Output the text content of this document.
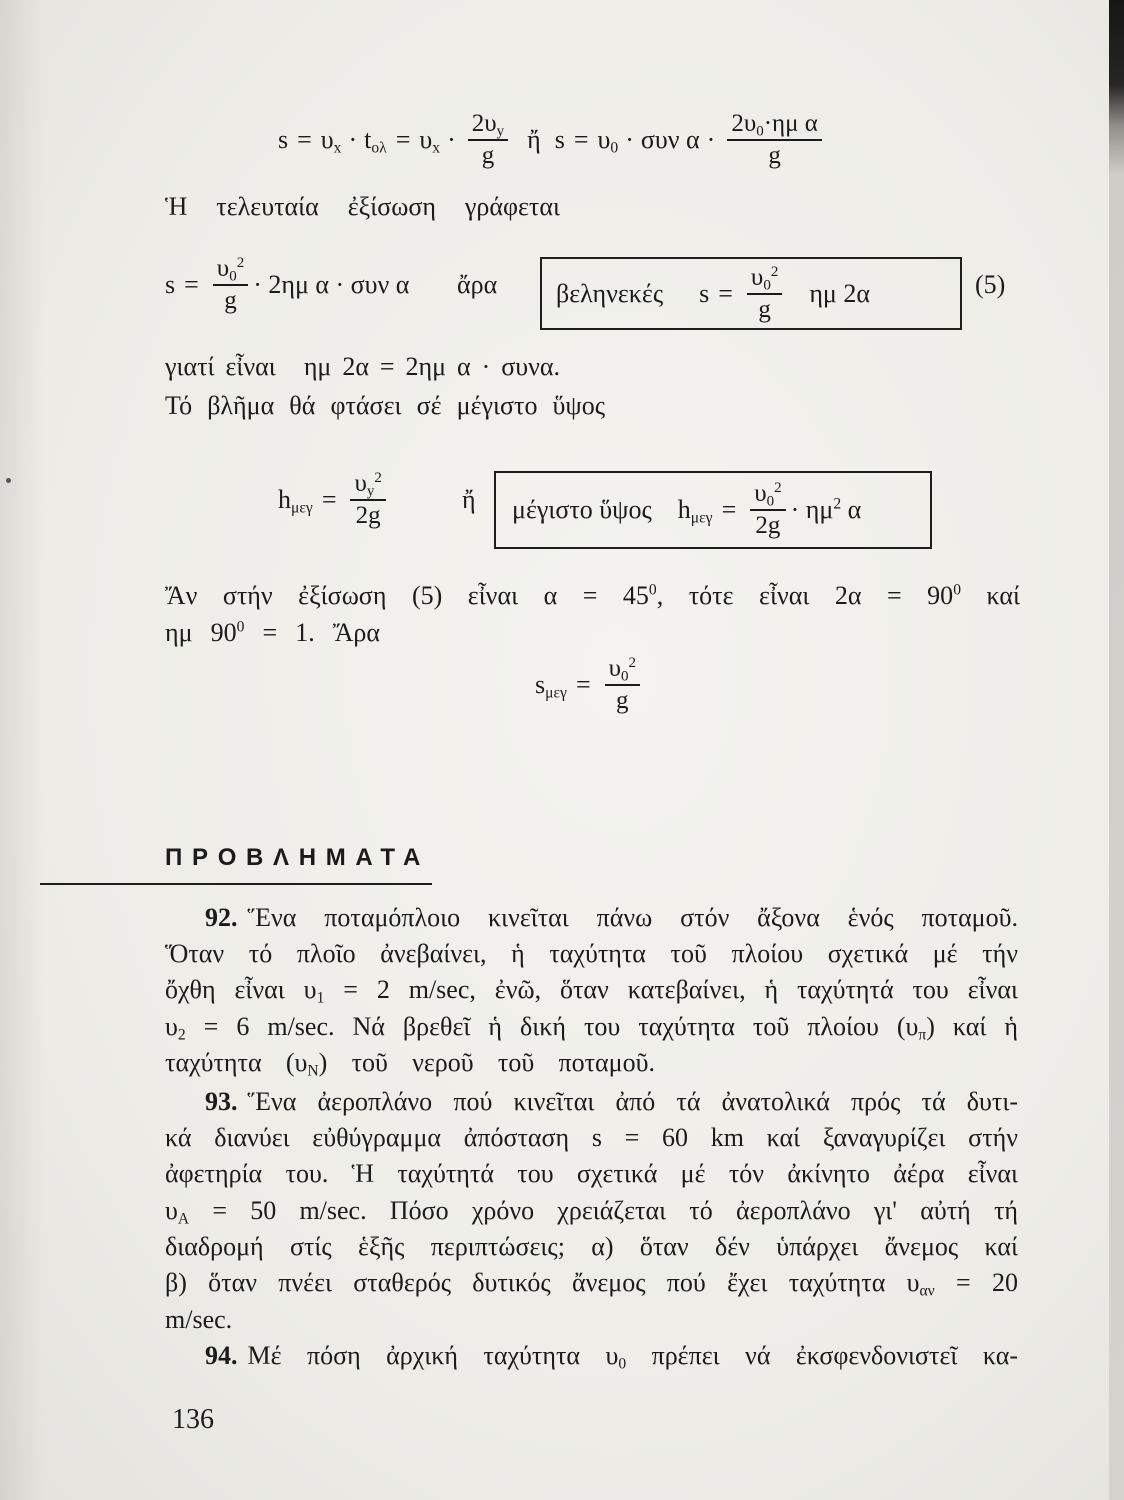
$s = \upsilon_x \cdot t_{o\lambda} = \upsilon_x \cdot \frac{2\upsilon_y}{g}$ ἤ $s = \upsilon_0 \cdot \sigma\upsilon\nu$ $\alpha \cdot \frac{2\upsilon_0\cdot\eta\mu \alpha}{g}$
Ἡ τελευταία ἐξίσωση γράφεται
$s = \frac{\upsilon_0^2}{g} \cdot 2\eta\mu$ α · συν α ἄρα βεληνεκές $s = \frac{\upsilon_0^2}{g}$ ημ 2α	(5)
γιατί εἶναι ημ 2α = 2ημ α · συνα.
Τό βλῆμα θά φτάσει σέ μέγιστο ὕψος
$h_{\mu\varepsilon\gamma} = \frac{\upsilon_y^2}{2g}$	ἤ μέγιστο ὕψος $h_{\mu\varepsilon\gamma} = \frac{\upsilon_0^2}{2g} \cdot \eta\mu^2$ α
Ἄν στήν ἐξίσωση (5) εἶναι $\alpha = 45^0$, τότε εἶναι $2\alpha = 90^0$ καί
ημ $90^0 = 1$. Ἄρα
$s_{\mu\varepsilon\gamma} = \frac{\upsilon_0^2}{g}$
ΠΡΟΒΛΗΜΑΤΑ
92. Ἕνα ποταμόπλοιο κινεῖται πάνω στόν ἄξονα ἑνός ποταμοῦ.
Ὅταν τό πλοῖο ἀνεβαίνει, ἡ ταχύτητα τοῦ πλοίου σχετικά μέ τήν
ὄχθη εἶναι $\upsilon_1 = 2$ m/sec, ἐνῶ, ὅταν κατεβαίνει, ἡ ταχύτητά του εἶναι
$\upsilon_2 = 6$ m/sec. Νά βρεθεῖ ἡ δική του ταχύτητα τοῦ πλοίου $(\upsilon_\pi)$ καί ἡ
ταχύτητα $(\upsilon_N)$ τοῦ νεροῦ τοῦ ποταμοῦ.
93. Ἕνα ἀεροπλάνο πού κινεῖται ἀπό τά ἀνατολικά πρός τά δυτι-
κά διανύει εὐθύγραμμα ἀπόσταση s = 60 km καί ξαναγυρίζει στήν
ἀφετηρία του. Ἡ ταχύτητά του σχετικά μέ τόν ἀκίνητο ἀέρα εἶναι
$\upsilon_A = 50$ m/sec. Πόσο χρόνο χρειάζεται τό ἀεροπλάνο γι' αὐτή τή
διαδρομή στίς ἑξῆς περιπτώσεις; α) ὅταν δέν ὑπάρχει ἄνεμος καί
β) ὅταν πνέει σταθερός δυτικός ἄνεμος πού ἔχει ταχύτητα $\upsilon_{\alpha\nu} = 20$
m/sec.
94. Μέ πόση ἀρχική ταχύτητα $\upsilon_0$ πρέπει νά ἐκσφενδονιστεῖ κα-
136
